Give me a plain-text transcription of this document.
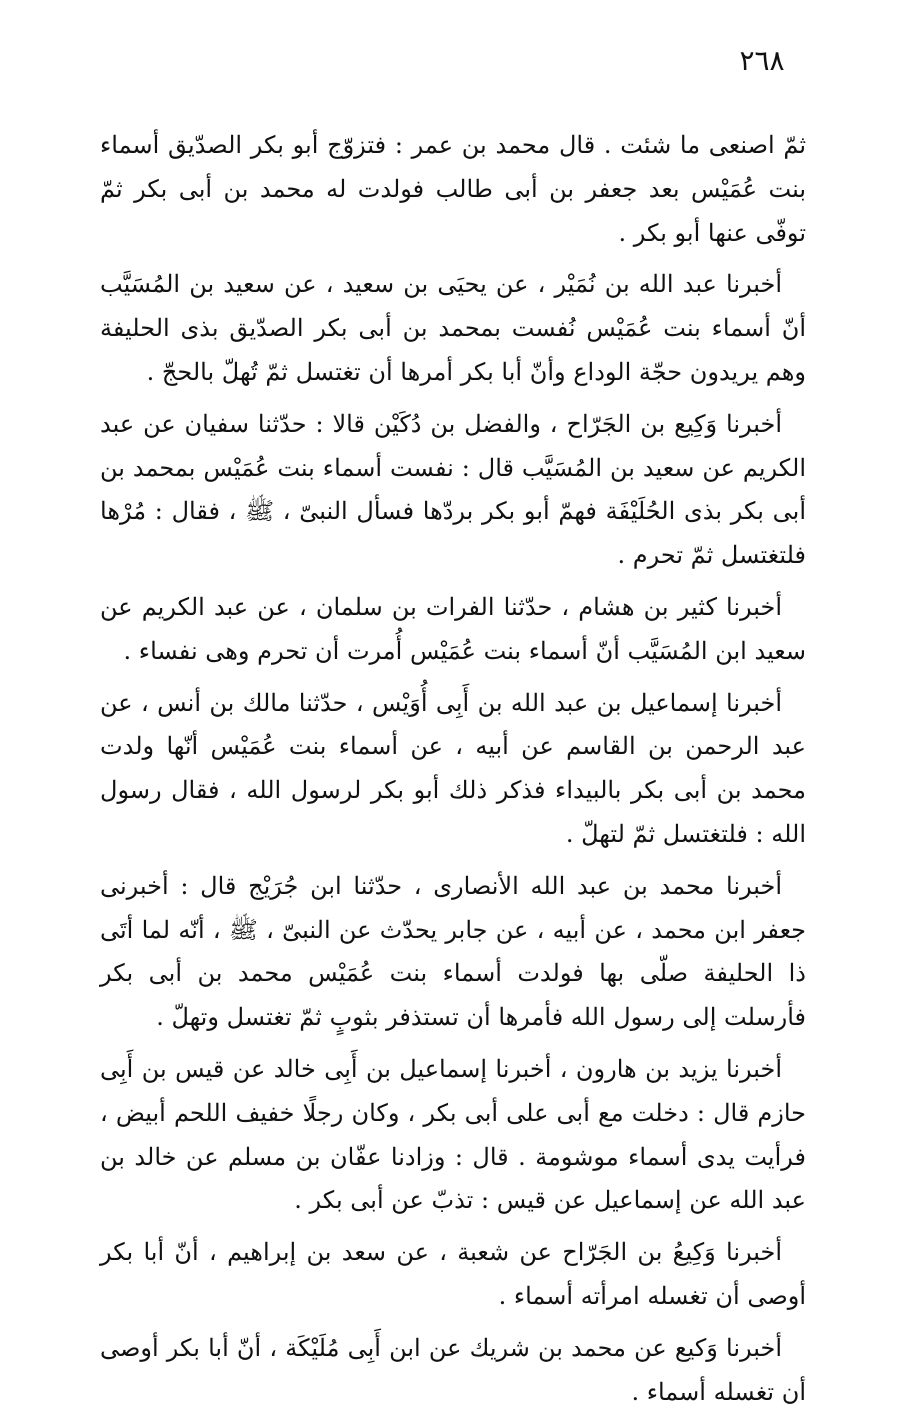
٢٦٨

ثمّ اصنعى ما شئت . قال محمد بن عمر : فتزوّج أبو بكر الصدّيق أسماء بنت عُمَيْس بعد جعفر بن أبى طالب فولدت له محمد بن أبى بكر ثمّ توفّى عنها أبو بكر .

أخبرنا عبد الله بن نُمَيْر ، عن يحيَى بن سعيد ، عن سعيد بن المُسَيَّب أنّ أسماء بنت عُمَيْس نُفست بمحمد بن أبى بكر الصدّيق بذى الحليفة وهم يريدون حجّة الوداع وأنّ أبا بكر أمرها أن تغتسل ثمّ تُهلّ بالحجّ .

أخبرنا وَكِيع بن الجَرّاح ، والفضل بن دُكَيْن قالا : حدّثنا سفيان عن عبد الكريم عن سعيد بن المُسَيَّب قال : نفست أسماء بنت عُمَيْس بمحمد بن أبى بكر بذى الحُلَيْفَة فهمّ أبو بكر بردّها فسأل النبىّ ، ﷺ ، فقال : مُرْها فلتغتسل ثمّ تحرم .

أخبرنا كثير بن هشام ، حدّثنا الفرات بن سلمان ، عن عبد الكريم عن سعيد ابن المُسَيَّب أنّ أسماء بنت عُمَيْس أُمرت أن تحرم وهى نفساء .

أخبرنا إسماعيل بن عبد الله بن أَبِى أُوَيْس ، حدّثنا مالك بن أنس ، عن عبد الرحمن بن القاسم عن أبيه ، عن أسماء بنت عُمَيْس أنّها ولدت محمد بن أبى بكر بالبيداء فذكر ذلك أبو بكر لرسول الله ، فقال رسول الله : فلتغتسل ثمّ لتهلّ .

أخبرنا محمد بن عبد الله الأنصارى ، حدّثنا ابن جُرَيْج قال : أخبرنى جعفر ابن محمد ، عن أبيه ، عن جابر يحدّث عن النبىّ ، ﷺ ، أنّه لما أتَى ذا الحليفة صلّى بها فولدت أسماء بنت عُمَيْس محمد بن أبى بكر فأرسلت إلى رسول الله فأمرها أن تستذفر بثوبٍ ثمّ تغتسل وتهلّ .

أخبرنا يزيد بن هارون ، أخبرنا إسماعيل بن أَبِى خالد عن قيس بن أَبِى حازم قال : دخلت مع أبى على أبى بكر ، وكان رجلًا خفيف اللحم أبيض ، فرأيت يدى أسماء موشومة . قال : وزادنا عفّان بن مسلم عن خالد بن عبد الله عن إسماعيل عن قيس : تذبّ عن أبى بكر .

أخبرنا وَكِيعُ بن الجَرّاح عن شعبة ، عن سعد بن إبراهيم ، أنّ أبا بكر أوصى أن تغسله امرأته أسماء .

أخبرنا وَكيع عن محمد بن شريك عن ابن أَبِى مُلَيْكَة ، أنّ أبا بكر أوصى أن تغسله أسماء .
